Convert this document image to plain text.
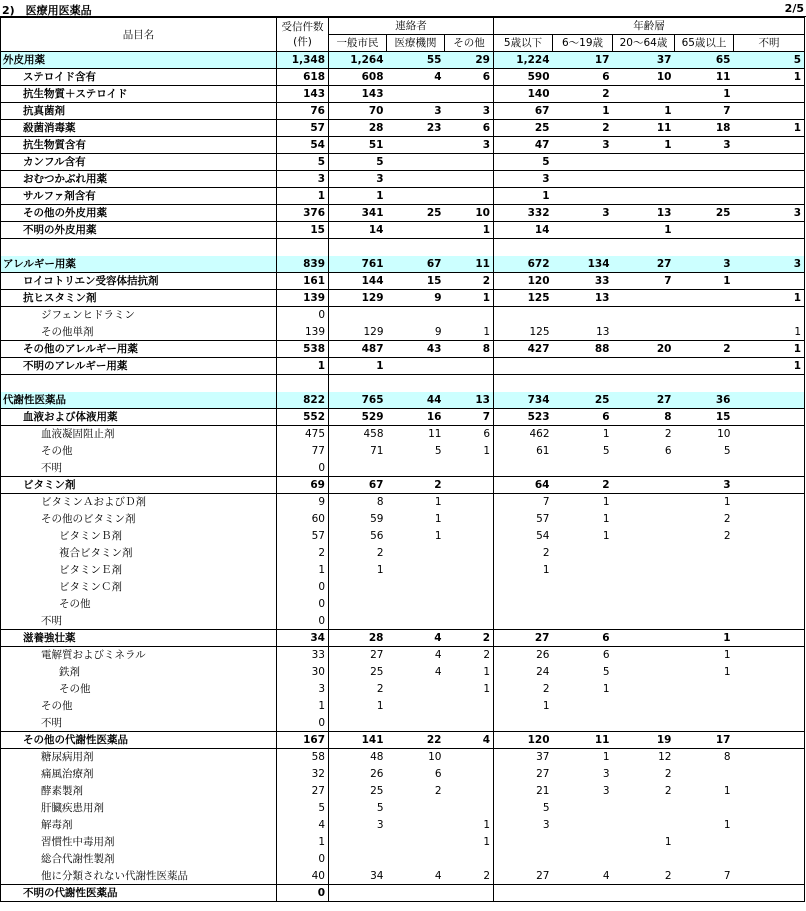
2)　医療用医薬品	2/5
品目名	受信件数
(件)	連絡者			年齢層				
		一般市民	医療機関	その他	5歳以下	6～19歳	20～64歳	65歳以上	不明
外皮用薬	1,348	1,264	55	29	1,224	17	37	65	5
ステロイド含有	618	608	4	6	590	6	10	11	1
抗生物質＋ステロイド	143	143			140	2		1	
抗真菌剤	76	70	3	3	67	1	1	7	
殺菌消毒薬	57	28	23	6	25	2	11	18	1
抗生物質含有	54	51		3	47	3	1	3	
カンフル含有	5	5			5				
おむつかぶれ用薬	3	3			3				
サルファ剤含有	1	1			1				
その他の外皮用薬	376	341	25	10	332	3	13	25	3
不明の外皮用薬	15	14		1	14		1		

アレルギー用薬	839	761	67	11	672	134	27	3	3
ロイコトリエン受容体拮抗剤	161	144	15	2	120	33	7	1	
抗ヒスタミン剤	139	129	9	1	125	13			1
ジフェンヒドラミン	0								
その他単剤	139	129	9	1	125	13			1
その他のアレルギー用薬	538	487	43	8	427	88	20	2	1
不明のアレルギー用薬	1	1							1

代謝性医薬品	822	765	44	13	734	25	27	36	
血液および体液用薬	552	529	16	7	523	6	8	15	
血液凝固阻止剤	475	458	11	6	462	1	2	10	
その他	77	71	5	1	61	5	6	5	
不明	0								
ビタミン剤	69	67	2		64	2		3	
ビタミンＡおよびＤ剤	9	8	1		7	1		1	
その他のビタミン剤	60	59	1		57	1		2	
ビタミンＢ剤	57	56	1		54	1		2	
複合ビタミン剤	2	2			2				
ビタミンＥ剤	1	1			1				
ビタミンＣ剤	0								
その他	0								
不明	0								
滋養強壮薬	34	28	4	2	27	6		1	
電解質およびミネラル	33	27	4	2	26	6		1	
鉄剤	30	25	4	1	24	5		1	
その他	3	2		1	2	1			
その他	1	1			1				
不明	0								
その他の代謝性医薬品	167	141	22	4	120	11	19	17	
糖尿病用剤	58	48	10		37	1	12	8	
痛風治療剤	32	26	6		27	3	2		
酵素製剤	27	25	2		21	3	2	1	
肝臓疾患用剤	5	5			5				
解毒剤	4	3		1	3			1	
習慣性中毒用剤	1			1			1		
総合代謝性製剤	0								
他に分類されない代謝性医薬品	40	34	4	2	27	4	2	7	
不明の代謝性医薬品	0								
